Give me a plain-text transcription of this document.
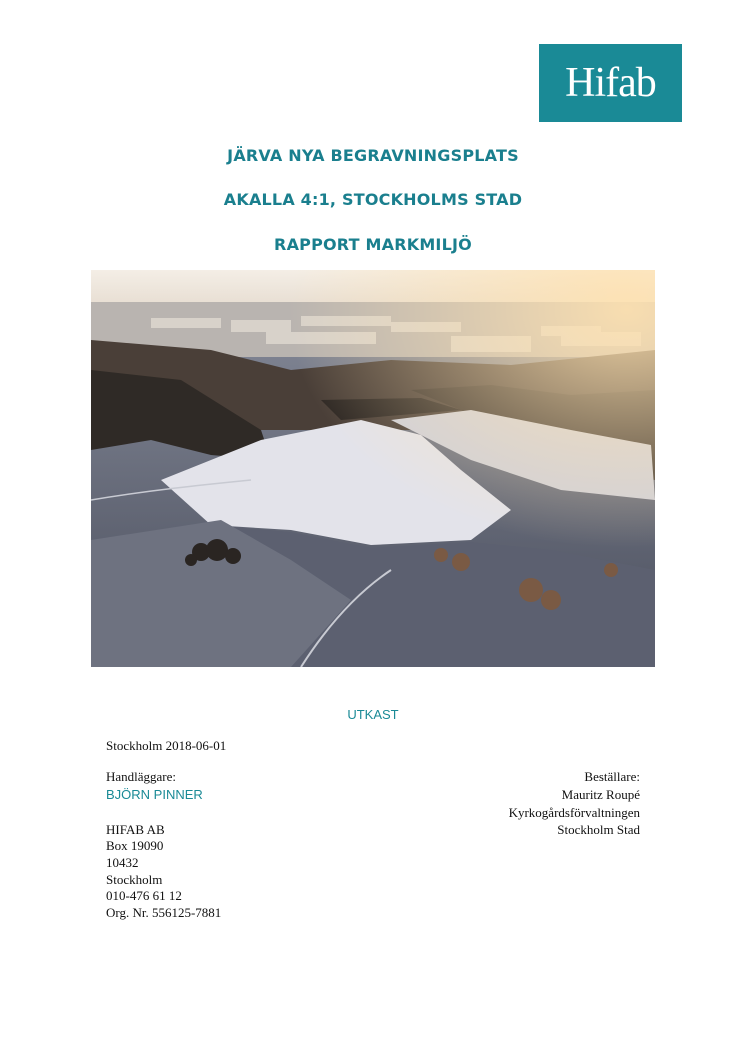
Hifab
JÄRVA NYA BEGRAVNINGSPLATS
AKALLA 4:1, STOCKHOLMS STAD
RAPPORT MARKMILJÖ
UTKAST
Stockholm 2018-06-01
Handläggare:
BJÖRN PINNER
Beställare:
Mauritz Roupé
Kyrkogårdsförvaltningen
Stockholm Stad
HIFAB AB
Box 19090
10432
Stockholm
010-476 61 12
Org. Nr. 556125-7881
